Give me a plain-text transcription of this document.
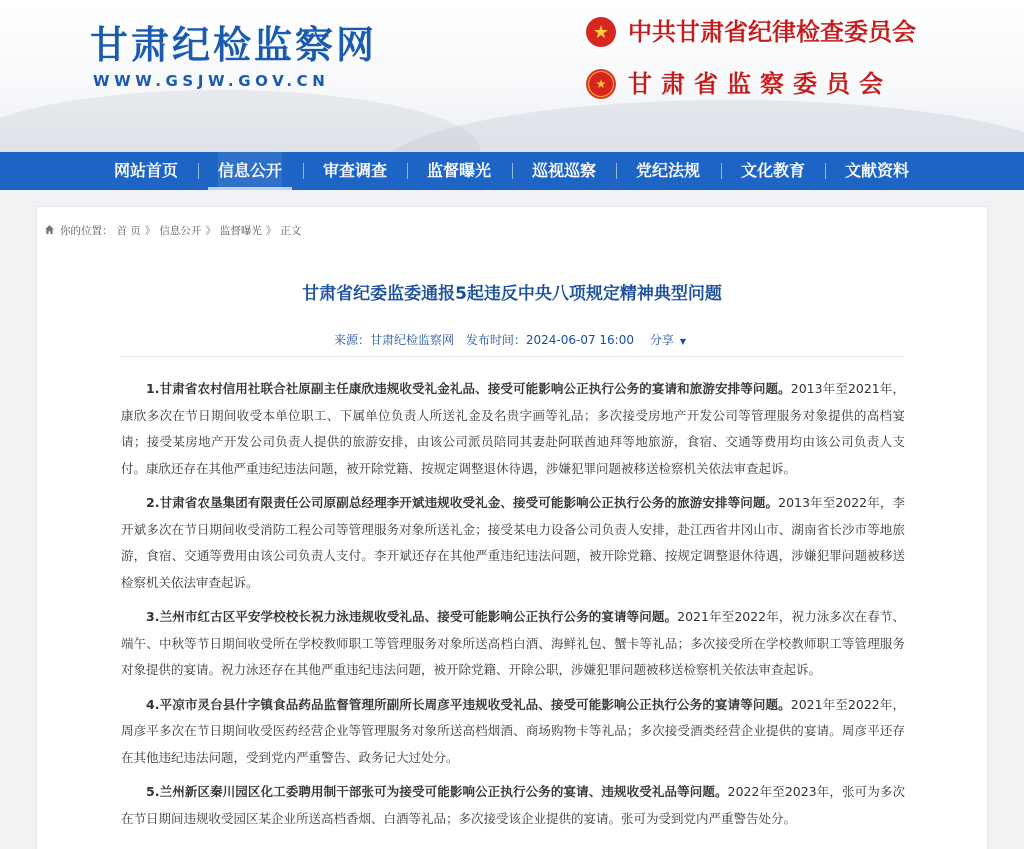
甘肃纪检监察网
WWW.GSJW.GOV.CN
★ 中共甘肃省纪律检查委员会
★ 甘肃省监察委员会
网站首页 信息公开	审查调查 监督曝光	巡视巡察 党纪法规	文化教育 文献资料
你的位置： 首 页 》 信息公开 》 监督曝光 》 正文
甘肃省纪委监委通报5起违反中央八项规定精神典型问题
来源：甘肃纪检监察网 发布时间：2024-06-07 16:00 分享 ▼

1.甘肃省农村信用社联合社原副主任康欣违规收受礼金礼品、接受可能影响公正执行公务的宴请和旅游安排等问题。2013年至2021年，康欣多次在节日期间收受本单位职工、下属单位负责人所送礼金及名贵字画等礼品；多次接受房地产开发公司等管理服务对象提供的高档宴请；接受某房地产开发公司负责人提供的旅游安排，由该公司派员陪同其妻赴阿联酋迪拜等地旅游，食宿、交通等费用均由该公司负责人支付。康欣还存在其他严重违纪违法问题，被开除党籍、按规定调整退休待遇，涉嫌犯罪问题被移送检察机关依法审查起诉。

2.甘肃省农垦集团有限责任公司原副总经理李开斌违规收受礼金、接受可能影响公正执行公务的旅游安排等问题。2013年至2022年，李开斌多次在节日期间收受消防工程公司等管理服务对象所送礼金；接受某电力设备公司负责人安排，赴江西省井冈山市、湖南省长沙市等地旅游，食宿、交通等费用由该公司负责人支付。李开斌还存在其他严重违纪违法问题，被开除党籍、按规定调整退休待遇，涉嫌犯罪问题被移送检察机关依法审查起诉。

3.兰州市红古区平安学校校长祝力泳违规收受礼品、接受可能影响公正执行公务的宴请等问题。2021年至2022年，祝力泳多次在春节、端午、中秋等节日期间收受所在学校教师职工等管理服务对象所送高档白酒、海鲜礼包、蟹卡等礼品；多次接受所在学校教师职工等管理服务对象提供的宴请。祝力泳还存在其他严重违纪违法问题，被开除党籍、开除公职，涉嫌犯罪问题被移送检察机关依法审查起诉。

4.平凉市灵台县什字镇食品药品监督管理所副所长周彦平违规收受礼品、接受可能影响公正执行公务的宴请等问题。2021年至2022年，周彦平多次在节日期间收受医药经营企业等管理服务对象所送高档烟酒、商场购物卡等礼品；多次接受酒类经营企业提供的宴请。周彦平还存在其他违纪违法问题，受到党内严重警告、政务记大过处分。

5.兰州新区秦川园区化工委聘用制干部张可为接受可能影响公正执行公务的宴请、违规收受礼品等问题。2022年至2023年，张可为多次在节日期间违规收受园区某企业所送高档香烟、白酒等礼品；多次接受该企业提供的宴请。张可为受到党内严重警告处分。
